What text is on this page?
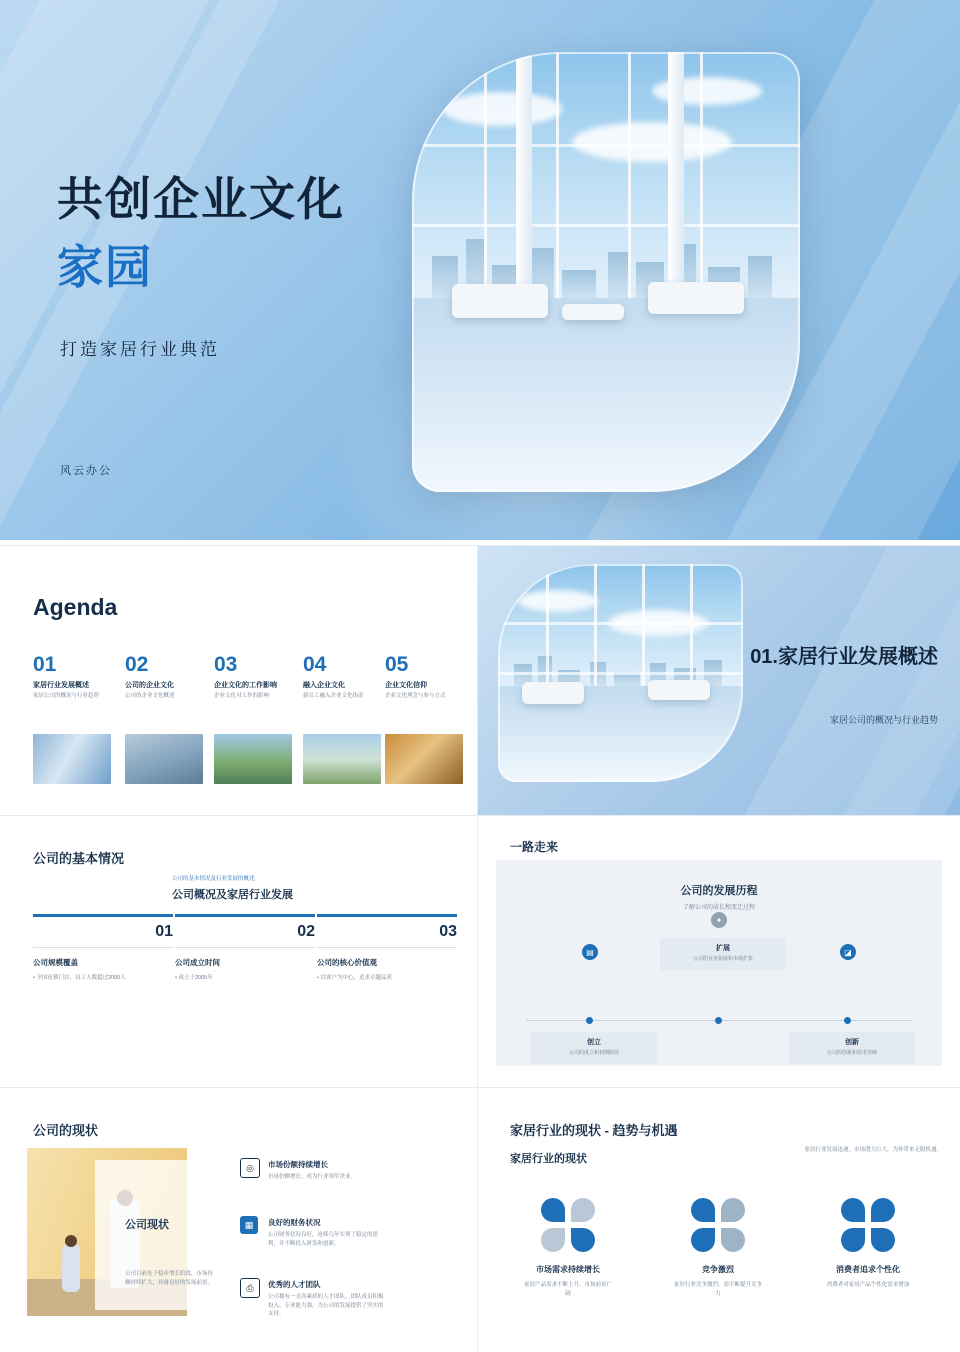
共创企业文化
家园
打造家居行业典范
风云办公
Agenda
01
家居行业发展概述
家居公司的概况与行业趋势
02
公司的企业文化
公司的企业文化概述
03
企业文化的工作影响
企业文化对工作的影响
04
融入企业文化
新员工融入企业文化指南
05
企业文化信仰
企业文化理念与参与方式
01.家居行业发展概述
家居公司的概况与行业趋势
公司的基本情况
公司的基本情况及行业发展的概述。
公司概况及家居行业发展
01
公司规模覆盖
• 全国连锁门店，员工人数超过2000人
02
公司成立时间
• 成立于2005年
03
公司的核心价值观
• 以客户为中心，追求卓越品质
一路走来
公司的发展历程
了解公司的成长和变迁过程
▤
创立
公司的成立和初期阶段
✦
扩展
公司的业务拓展和市场扩张
◪
创新
公司的创新和技术突破
公司的现状
公司现状
公司目前处于稳步增长阶段，市场份额持续扩大，具备良好的发展前景。
◎ 市场份额持续增长
市场份额增长，成为行业领军企业。
▦ 良好的财务状况
公司财务状况良好，连续几年实现了稳定的盈利，并不断投入研发和创新。
⎙ 优秀的人才团队
公司拥有一支高素质的人才团队，团队成员积极投入、专业能力强，为公司的发展提供了坚实的支持。
家居行业的现状 - 趋势与机遇
家居行业发展迅速，市场潜力巨大，为你带来无限机遇。
家居行业的现状
市场需求持续增长
家居产品需求不断上升，市场前景广阔
竞争激烈
家居行业竞争激烈，需不断提升竞争力
消费者追求个性化
消费者对家居产品个性化需求增加
